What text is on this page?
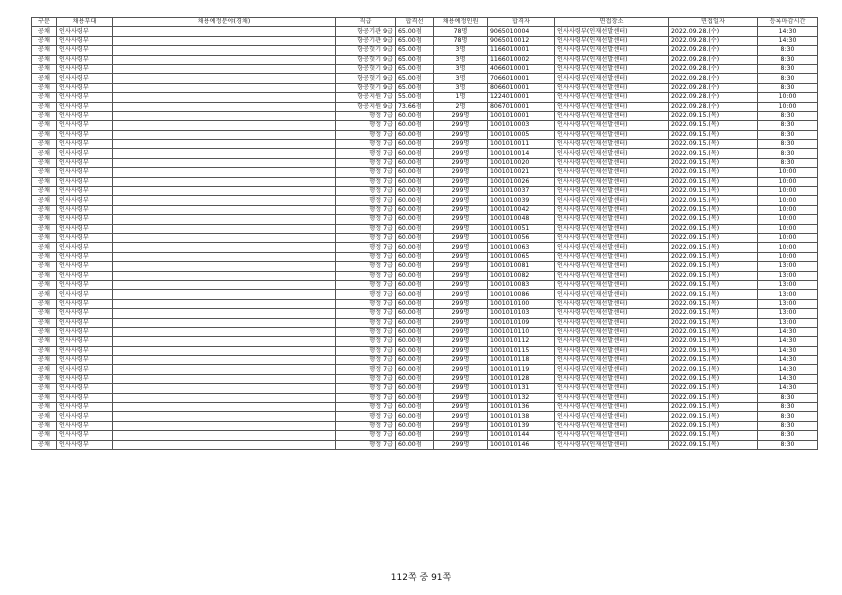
구분	채용부대	채용예정분야(경채)	직급	합격선	채용예정인원	합격자	면접장소	면접일자	등록마감시간
공채	인사사령부		항공기관 9급	65.00점	78명	9065010004	인사사령부(인재선발센터)	2022.09.28.(수)	14:30
공채	인사사령부		항공기관 9급	65.00점	78명	9065010012	인사사령부(인재선발센터)	2022.09.28.(수)	14:30
공채	인사사령부		항공헛기 9급	65.00점	3명	1166010001	인사사령부(인재선발센터)	2022.09.28.(수)	8:30
공채	인사사령부		항공헛기 9급	65.00점	3명	1166010002	인사사령부(인재선발센터)	2022.09.28.(수)	8:30
공채	인사사령부		항공헛기 9급	65.00점	3명	4066010001	인사사령부(인재선발센터)	2022.09.28.(수)	8:30
공채	인사사령부		항공헛기 9급	65.00점	3명	7066010001	인사사령부(인재선발센터)	2022.09.28.(수)	8:30
공채	인사사령부		항공헛기 9급	65.00점	3명	8066010001	인사사령부(인재선발센터)	2022.09.28.(수)	8:30
공채	인사사령부		항공지원 7급	55.00점	1명	1224010001	인사사령부(인재선발센터)	2022.09.28.(수)	10:00
공채	인사사령부		항공지원 9급	73.66점	2명	8067010001	인사사령부(인재선발센터)	2022.09.28.(수)	10:00
공채	인사사령부		행정 7급	60.00점	299명	1001010001	인사사령부(인재선발센터)	2022.09.15.(목)	8:30
공채	인사사령부		행정 7급	60.00점	299명	1001010003	인사사령부(인재선발센터)	2022.09.15.(목)	8:30
공채	인사사령부		행정 7급	60.00점	299명	1001010005	인사사령부(인재선발센터)	2022.09.15.(목)	8:30
공채	인사사령부		행정 7급	60.00점	299명	1001010011	인사사령부(인재선발센터)	2022.09.15.(목)	8:30
공채	인사사령부		행정 7급	60.00점	299명	1001010014	인사사령부(인재선발센터)	2022.09.15.(목)	8:30
공채	인사사령부		행정 7급	60.00점	299명	1001010020	인사사령부(인재선발센터)	2022.09.15.(목)	8:30
공채	인사사령부		행정 7급	60.00점	299명	1001010021	인사사령부(인재선발센터)	2022.09.15.(목)	10:00
공채	인사사령부		행정 7급	60.00점	299명	1001010026	인사사령부(인재선발센터)	2022.09.15.(목)	10:00
공채	인사사령부		행정 7급	60.00점	299명	1001010037	인사사령부(인재선발센터)	2022.09.15.(목)	10:00
공채	인사사령부		행정 7급	60.00점	299명	1001010039	인사사령부(인재선발센터)	2022.09.15.(목)	10:00
공채	인사사령부		행정 7급	60.00점	299명	1001010042	인사사령부(인재선발센터)	2022.09.15.(목)	10:00
공채	인사사령부		행정 7급	60.00점	299명	1001010048	인사사령부(인재선발센터)	2022.09.15.(목)	10:00
공채	인사사령부		행정 7급	60.00점	299명	1001010051	인사사령부(인재선발센터)	2022.09.15.(목)	10:00
공채	인사사령부		행정 7급	60.00점	299명	1001010056	인사사령부(인재선발센터)	2022.09.15.(목)	10:00
공채	인사사령부		행정 7급	60.00점	299명	1001010063	인사사령부(인재선발센터)	2022.09.15.(목)	10:00
공채	인사사령부		행정 7급	60.00점	299명	1001010065	인사사령부(인재선발센터)	2022.09.15.(목)	10:00
공채	인사사령부		행정 7급	60.00점	299명	1001010081	인사사령부(인재선발센터)	2022.09.15.(목)	13:00
공채	인사사령부		행정 7급	60.00점	299명	1001010082	인사사령부(인재선발센터)	2022.09.15.(목)	13:00
공채	인사사령부		행정 7급	60.00점	299명	1001010083	인사사령부(인재선발센터)	2022.09.15.(목)	13:00
공채	인사사령부		행정 7급	60.00점	299명	1001010086	인사사령부(인재선발센터)	2022.09.15.(목)	13:00
공채	인사사령부		행정 7급	60.00점	299명	1001010100	인사사령부(인재선발센터)	2022.09.15.(목)	13:00
공채	인사사령부		행정 7급	60.00점	299명	1001010103	인사사령부(인재선발센터)	2022.09.15.(목)	13:00
공채	인사사령부		행정 7급	60.00점	299명	1001010109	인사사령부(인재선발센터)	2022.09.15.(목)	13:00
공채	인사사령부		행정 7급	60.00점	299명	1001010110	인사사령부(인재선발센터)	2022.09.15.(목)	14:30
공채	인사사령부		행정 7급	60.00점	299명	1001010112	인사사령부(인재선발센터)	2022.09.15.(목)	14:30
공채	인사사령부		행정 7급	60.00점	299명	1001010115	인사사령부(인재선발센터)	2022.09.15.(목)	14:30
공채	인사사령부		행정 7급	60.00점	299명	1001010118	인사사령부(인재선발센터)	2022.09.15.(목)	14:30
공채	인사사령부		행정 7급	60.00점	299명	1001010119	인사사령부(인재선발센터)	2022.09.15.(목)	14:30
공채	인사사령부		행정 7급	60.00점	299명	1001010128	인사사령부(인재선발센터)	2022.09.15.(목)	14:30
공채	인사사령부		행정 7급	60.00점	299명	1001010131	인사사령부(인재선발센터)	2022.09.15.(목)	14:30
공채	인사사령부		행정 7급	60.00점	299명	1001010132	인사사령부(인재선발센터)	2022.09.15.(목)	8:30
공채	인사사령부		행정 7급	60.00점	299명	1001010136	인사사령부(인재선발센터)	2022.09.15.(목)	8:30
공채	인사사령부		행정 7급	60.00점	299명	1001010138	인사사령부(인재선발센터)	2022.09.15.(목)	8:30
공채	인사사령부		행정 7급	60.00점	299명	1001010139	인사사령부(인재선발센터)	2022.09.15.(목)	8:30
공채	인사사령부		행정 7급	60.00점	299명	1001010144	인사사령부(인재선발센터)	2022.09.15.(목)	8:30
공채	인사사령부		행정 7급	60.00점	299명	1001010146	인사사령부(인재선발센터)	2022.09.15.(목)	8:30
112쪽 중 91쪽
